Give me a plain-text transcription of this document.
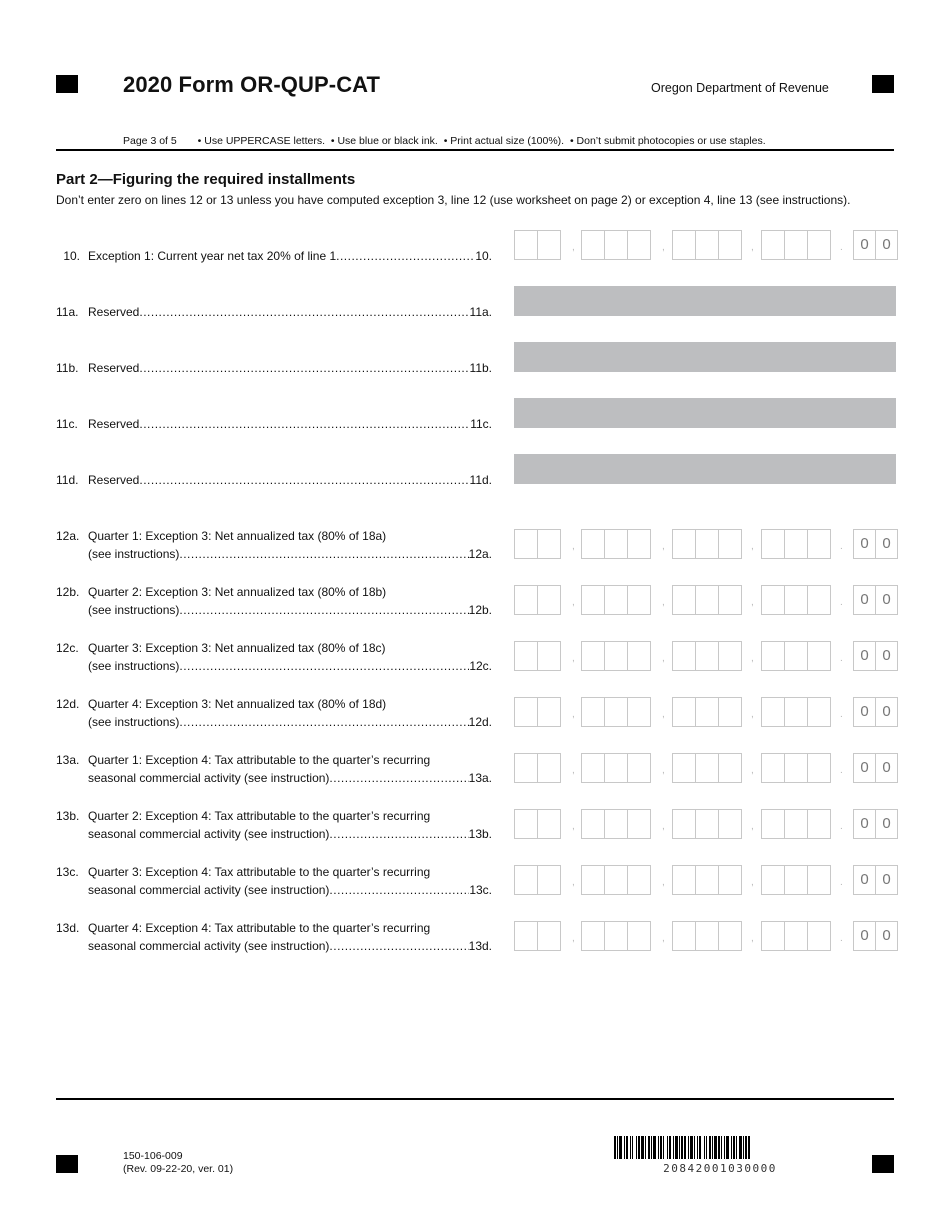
2020 Form OR-QUP-CAT	Oregon Department of Revenue
Page 3 of 5 • Use UPPERCASE letters. • Use blue or black ink. • Print actual size (100%). • Don’t submit photocopies or use staples.
Part 2—Figuring the required installments
Don’t enter zero on lines 12 or 13 unless you have computed exception 3, line 12 (use worksheet on page 2) or exception 4, line 13 (see instructions).
10. Exception 1: Current year net tax 20% of line 1 .....	10.
,	,	,	.	0 0
11a. Reserved .....	11a.
11b. Reserved .....	11b.
11c. Reserved .....	11c.
11d. Reserved .....	11d.
12a. Quarter 1: Exception 3: Net annualized tax (80% of 18a)
(see instructions) .....	12a.
,	,	,	.	0 0
12b. Quarter 2: Exception 3: Net annualized tax (80% of 18b)
(see instructions) .....	12b.
,	,	,	.	0 0
12c. Quarter 3: Exception 3: Net annualized tax (80% of 18c)
(see instructions) .....	12c.
,	,	,	.	0 0
12d. Quarter 4: Exception 3: Net annualized tax (80% of 18d)
(see instructions) .....	12d.
,	,	,	.	0 0
13a. Quarter 1: Exception 4: Tax attributable to the quarter’s recurring
seasonal commercial activity (see instruction) .....	13a.
,	,	,	.	0 0
13b. Quarter 2: Exception 4: Tax attributable to the quarter’s recurring
seasonal commercial activity (see instruction) .....	13b.
,	,	,	.	0 0
13c. Quarter 3: Exception 4: Tax attributable to the quarter’s recurring
seasonal commercial activity (see instruction) .....	13c.
,	,	,	.	0 0
13d. Quarter 4: Exception 4: Tax attributable to the quarter’s recurring
seasonal commercial activity (see instruction) .....	13d.
,	,	,	.	0 0
150-106-009
(Rev. 09-22-20, ver. 01)	20842001030000
